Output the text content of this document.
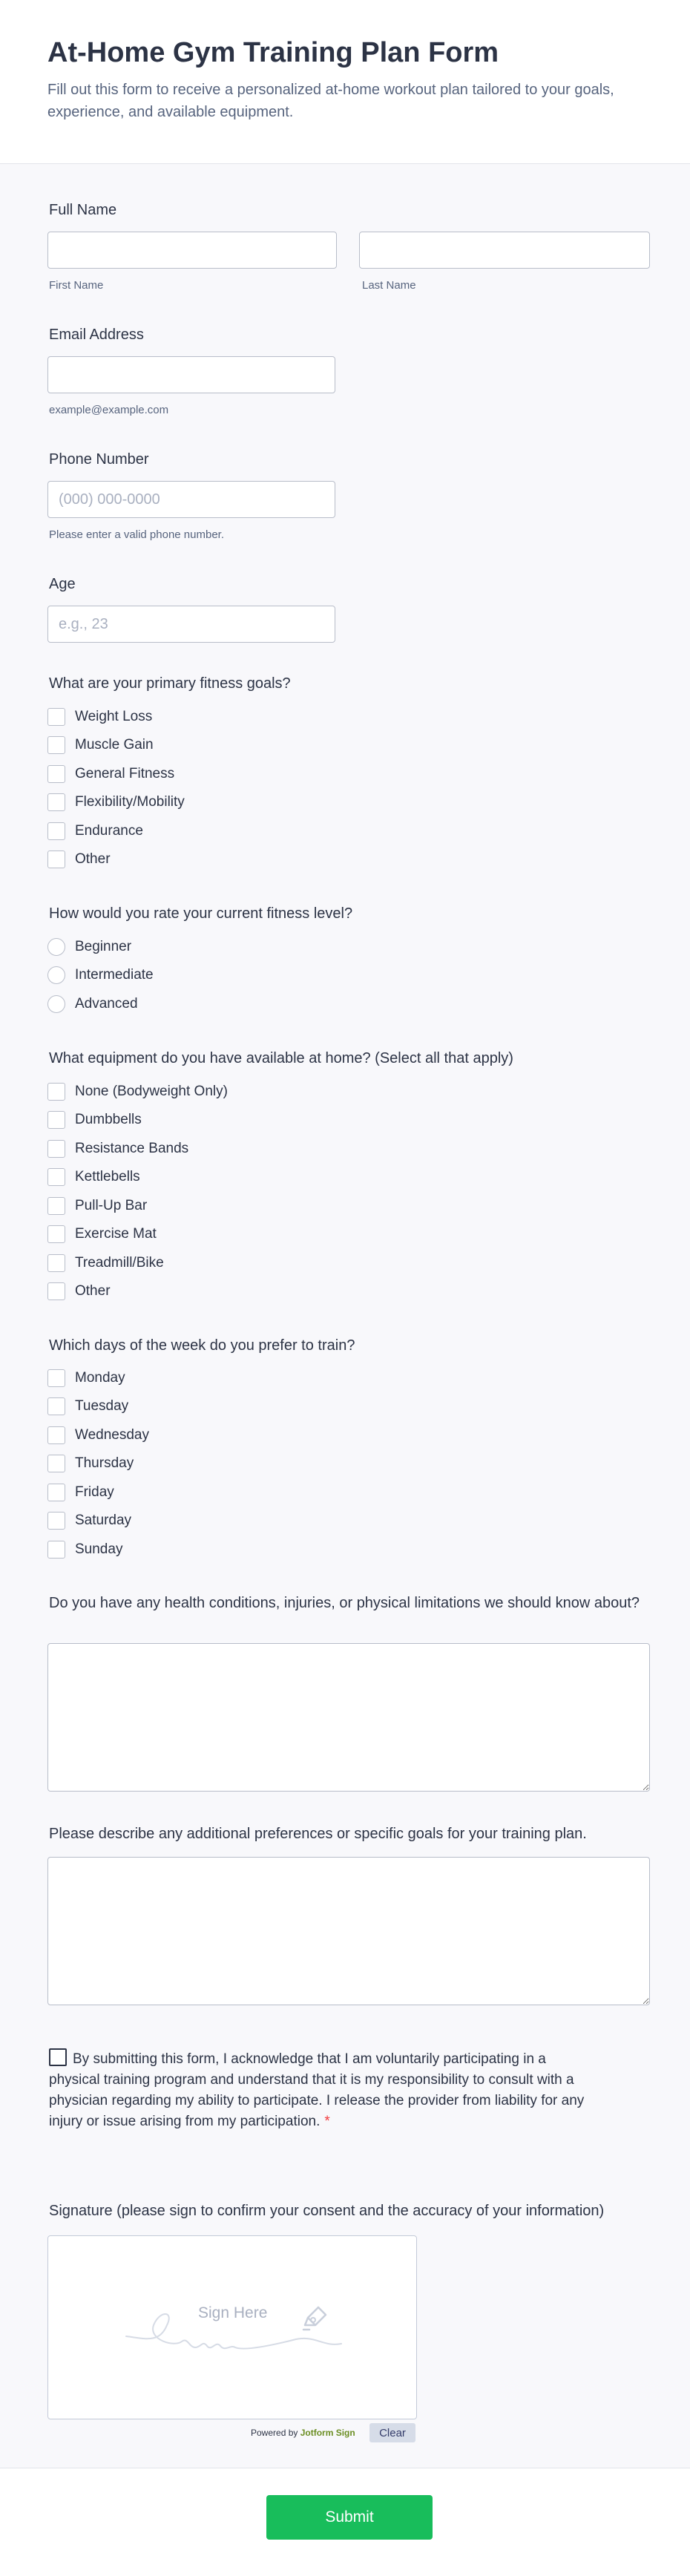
At-Home Gym Training Plan Form

Fill out this form to receive a personalized at-home workout plan tailored to your goals, experience, and available equipment.

Full Name
First Name	Last Name
Email Address
example@example.com
Phone Number
(000) 000-0000
Please enter a valid phone number.
Age
e.g., 23
What are your primary fitness goals?
Weight Loss
Muscle Gain
General Fitness
Flexibility/Mobility
Endurance
Other
How would you rate your current fitness level?
Beginner
Intermediate
Advanced
What equipment do you have available at home? (Select all that apply)
None (Bodyweight Only)
Dumbbells
Resistance Bands
Kettlebells
Pull-Up Bar
Exercise Mat
Treadmill/Bike
Other
Which days of the week do you prefer to train?
Monday
Tuesday
Wednesday
Thursday
Friday
Saturday
Sunday
Do you have any health conditions, injuries, or physical limitations we should know about?
Please describe any additional preferences or specific goals for your training plan.
By submitting this form, I acknowledge that I am voluntarily participating in a physical training program and understand that it is my responsibility to consult with a physician regarding my ability to participate. I release the provider from liability for any injury or issue arising from my participation. *
Signature (please sign to confirm your consent and the accuracy of your information)
Sign Here
Powered by Jotform Sign	Clear
Submit
